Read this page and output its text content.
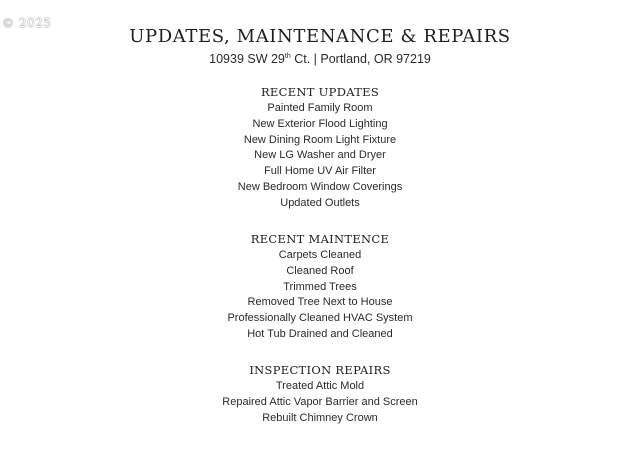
© 2025
UPDATES, MAINTENANCE & REPAIRS
10939 SW 29th Ct. | Portland, OR 97219
RECENT UPDATES
Painted Family Room
New Exterior Flood Lighting
New Dining Room Light Fixture
New LG Washer and Dryer
Full Home UV Air Filter
New Bedroom Window Coverings
Updated Outlets
RECENT MAINTENCE
Carpets Cleaned
Cleaned Roof
Trimmed Trees
Removed Tree Next to House
Professionally Cleaned HVAC System
Hot Tub Drained and Cleaned
INSPECTION REPAIRS
Treated Attic Mold
Repaired Attic Vapor Barrier and Screen
Rebuilt Chimney Crown
